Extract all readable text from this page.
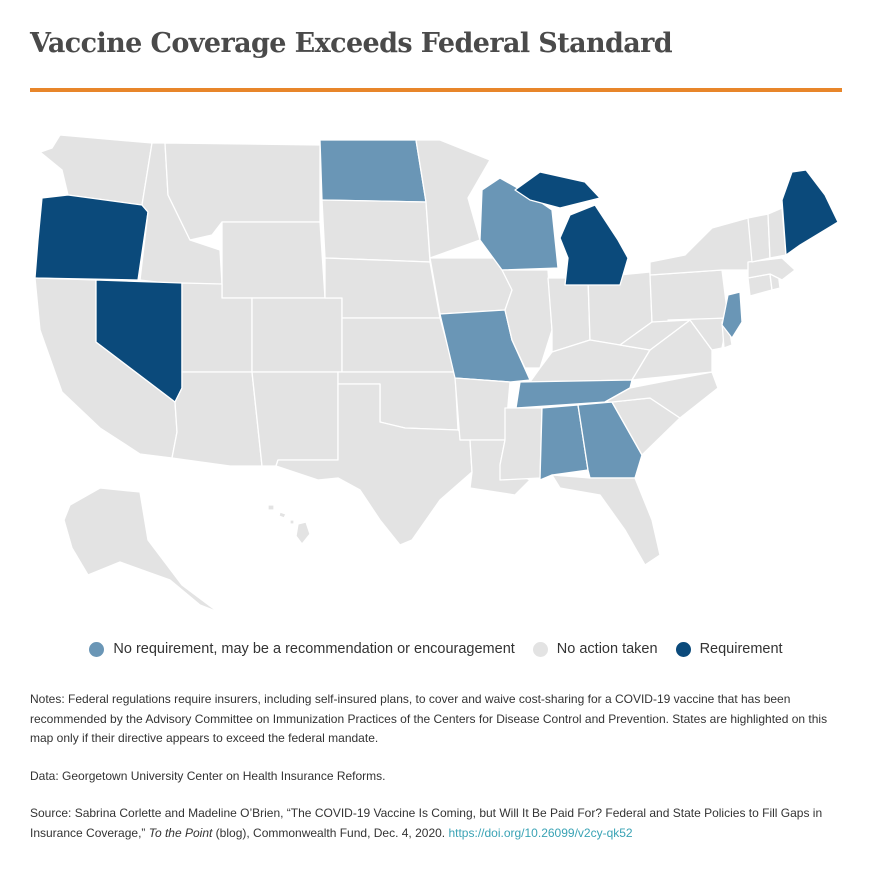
Vaccine Coverage Exceeds Federal Standard
No requirement, may be a recommendation or encouragement	No action taken	Requirement

Notes: Federal regulations require insurers, including self-insured plans, to cover and waive cost-sharing for a COVID-19 vaccine that has been recommended by the Advisory Committee on Immunization Practices of the Centers for Disease Control and Prevention. States are highlighted on this map only if their directive appears to exceed the federal mandate.

Data: Georgetown University Center on Health Insurance Reforms.

Source: Sabrina Corlette and Madeline O’Brien, “The COVID-19 Vaccine Is Coming, but Will It Be Paid For? Federal and State Policies to Fill Gaps in Insurance Coverage,” To the Point (blog), Commonwealth Fund, Dec. 4, 2020. https://doi.org/10.26099/v2cy-qk52
